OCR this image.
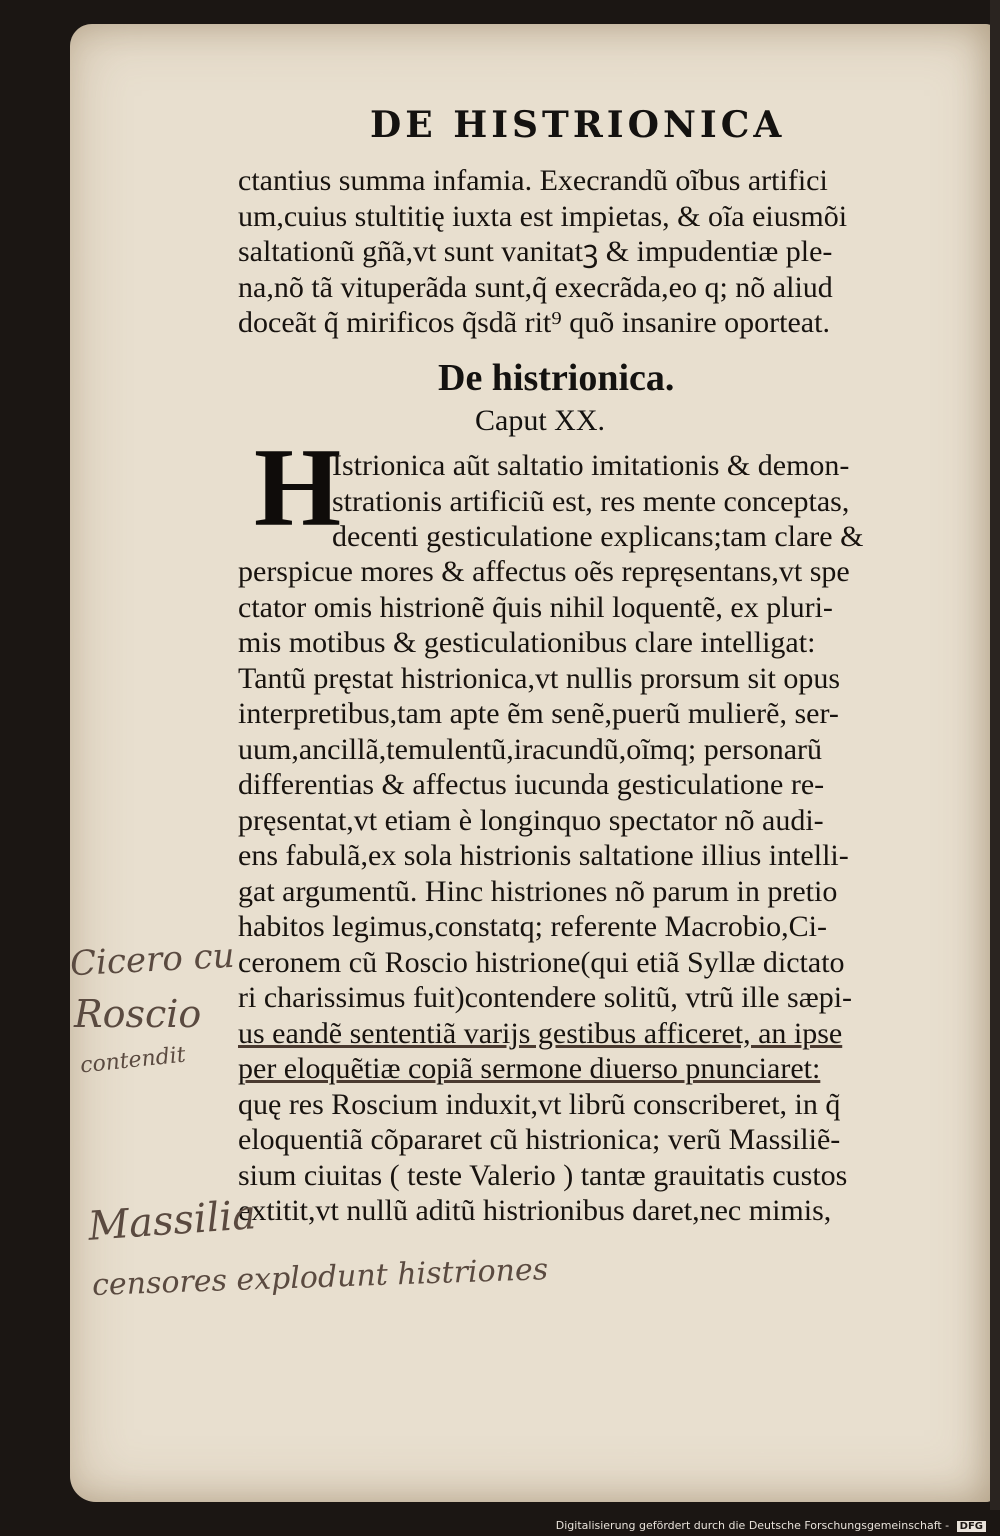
DE HISTRIONICA
ctantius summa infamia. Execrandũ oĩbus artifici
um,cuius stultitię iuxta est impietas, & oĩa eiusmõi
saltationũ gñ̃a,vt sunt vanitatꝫ & impudentiæ ple-
na,nõ tã vituperãda sunt,q̃ execrãda,eo q; nõ aliud
doceãt q̃ mirificos q̃sdã rit⁹ quõ insanire oporteat.
De histrionica.
Caput XX.
H
Istrionica aũt saltatio imitationis & demon-
strationis artificiũ est, res mente conceptas,
decenti gesticulatione explicans;tam clare &
perspicue mores & affectus oẽs repręsentans,vt spe
ctator omis histrionẽ q̃uis nihil loquentẽ, ex pluri-
mis motibus & gesticulationibus clare intelligat:
Tantũ pręstat histrionica,vt nullis prorsum sit opus
interpretibus,tam apte ẽm senẽ,puerũ mulierẽ, ser-
uum,ancillã,temulentũ,iracundũ,oĩmq; personarũ
differentias & affectus iucunda gesticulatione re-
pręsentat,vt etiam è longinquo spectator nõ audi-
ens fabulã,ex sola histrionis saltatione illius intelli-
gat argumentũ. Hinc histriones nõ parum in pretio
habitos legimus,constatq; referente Macrobio,Ci-
ceronem cũ Roscio histrione(qui etiã Syllæ dictato
ri charissimus fuit)contendere solitũ, vtrũ ille sæpi-
us eandẽ sententiã varijs gestibus afficeret, an ipse
per eloquẽtiæ copiã sermone diuerso pnunciaret:
quę res Roscium induxit,vt librũ conscriberet, in q̃
eloquentiã cõpararet cũ histrionica; verũ Massiliẽ-
sium ciuitas ( teste Valerio ) tantæ grauitatis custos
extitit,vt nullũ aditũ histrionibus daret,nec mimis,
Cicero cu
Roscio
contendit
Massilia
censores explodunt histriones
Digitalisierung gefördert durch die Deutsche Forschungsgemeinschaft - DFG
